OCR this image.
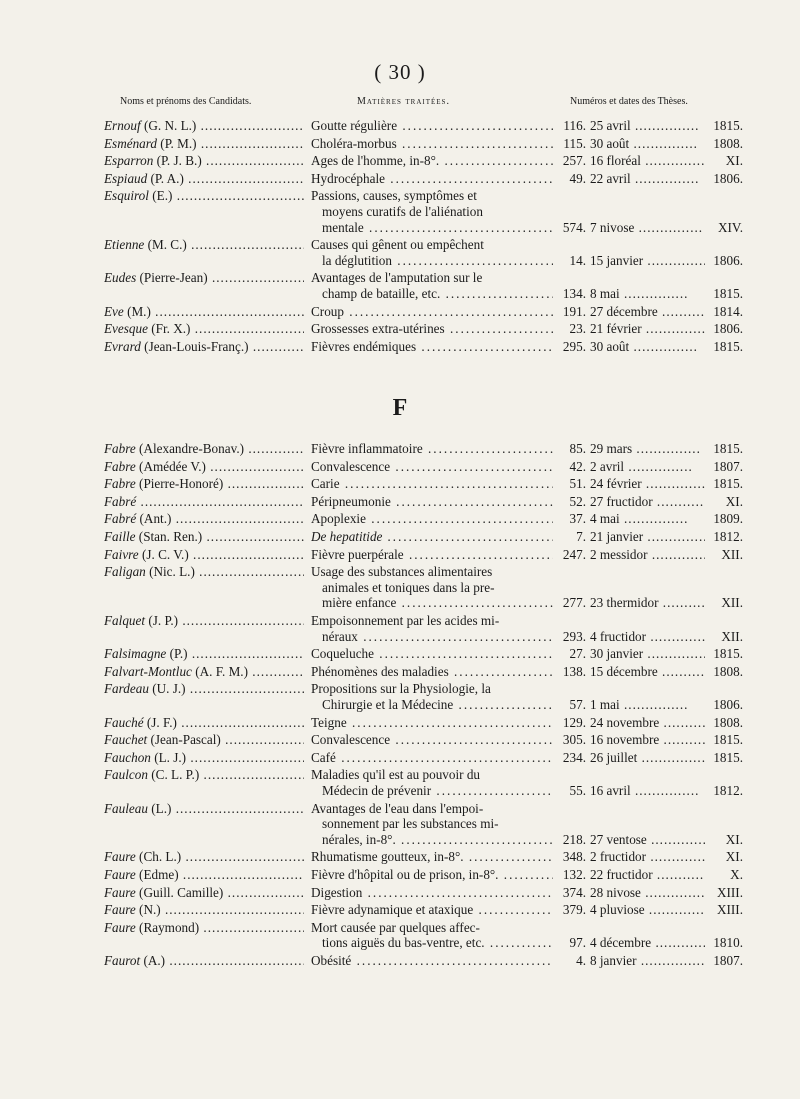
( 30 )
Noms et prénoms des Candidats.	Matières traitées.	Numéros et dates des Thèses.
Ernouf (G. N. L.) .....	Goutte régulière .....	116. 25 avril .....	1815.
Esménard (P. M.) .....	Choléra-morbus .....	115. 30 août .....	1808.
Esparron (P. J. B.) .....	Ages de l'homme, in-8°. .....	257. 16 floréal .....	XI.
Espiaud (P. A.) .....	Hydrocéphale .....	49. 22 avril .....	1806.
Esquirol (E.) .....	Passions, causes, symptômes et
moyens curatifs de l'aliénation
mentale .....	574. 7 nivose .....	XIV.
Etienne (M. C.) .....	Causes qui gênent ou empêchent
la déglutition .....	14. 15 janvier .....	1806.
Eudes (Pierre-Jean) .....	Avantages de l'amputation sur le
champ de bataille, etc. .....	134. 8 mai .....	1815.
Eve (M.) .....	Croup .....	191. 27 décembre .....	1814.
Evesque (Fr. X.) .....	Grossesses extra-utérines .....	23. 21 février .....	1806.
Evrard (Jean-Louis-Franç.) .....	Fièvres endémiques .....	295. 30 août .....	1815.
F
Fabre (Alexandre-Bonav.) .....	Fièvre inflammatoire .....	85. 29 mars .....	1815.
Fabre (Amédée V.) .....	Convalescence .....	42. 2 avril .....	1807.
Fabre (Pierre-Honoré) .....	Carie .....	51. 24 février .....	1815.
Fabré .....	Péripneumonie .....	52. 27 fructidor .....	XI.
Fabré (Ant.) .....	Apoplexie .....	37. 4 mai .....	1809.
Faille (Stan. Ren.) .....	De hepatitide .....	7. 21 janvier .....	1812.
Faivre (J. C. V.) .....	Fièvre puerpérale .....	247. 2 messidor .....	XII.
Faligan (Nic. L.) .....	Usage des substances alimentaires
animales et toniques dans la pre-
mière enfance .....	277. 23 thermidor .....	XII.
Falquet (J. P.) .....	Empoisonnement par les acides mi-
néraux .....	293. 4 fructidor .....	XII.
Falsimagne (P.) .....	Coqueluche .....	27. 30 janvier .....	1815.
Falvart-Montluc (A. F. M.) .....	Phénomènes des maladies .....	138. 15 décembre .....	1808.
Fardeau (U. J.) .....	Propositions sur la Physiologie, la
Chirurgie et la Médecine .....	57. 1 mai .....	1806.
Fauché (J. F.) .....	Teigne .....	129. 24 novembre .....	1808.
Fauchet (Jean-Pascal) .....	Convalescence .....	305. 16 novembre .....	1815.
Fauchon (L. J.) .....	Café .....	234. 26 juillet .....	1815.
Faulcon (C. L. P.) .....	Maladies qu'il est au pouvoir du
Médecin de prévenir .....	55. 16 avril .....	1812.
Fauleau (L.) .....	Avantages de l'eau dans l'empoi-
sonnement par les substances mi-
nérales, in-8°. .....	218. 27 ventose .....	XI.
Faure (Ch. L.) .....	Rhumatisme goutteux, in-8°. .....	348. 2 fructidor .....	XI.
Faure (Edme) .....	Fièvre d'hôpital ou de prison, in-8°. .....	132. 22 fructidor .....	X.
Faure (Guill. Camille) .....	Digestion .....	374. 28 nivose .....	XIII.
Faure (N.) .....	Fièvre adynamique et ataxique .....	379. 4 pluviose .....	XIII.
Faure (Raymond) .....	Mort causée par quelques affec-
tions aiguës du bas-ventre, etc. .....	97. 4 décembre .....	1810.
Faurot (A.) .....	Obésité .....	4. 8 janvier .....	1807.
